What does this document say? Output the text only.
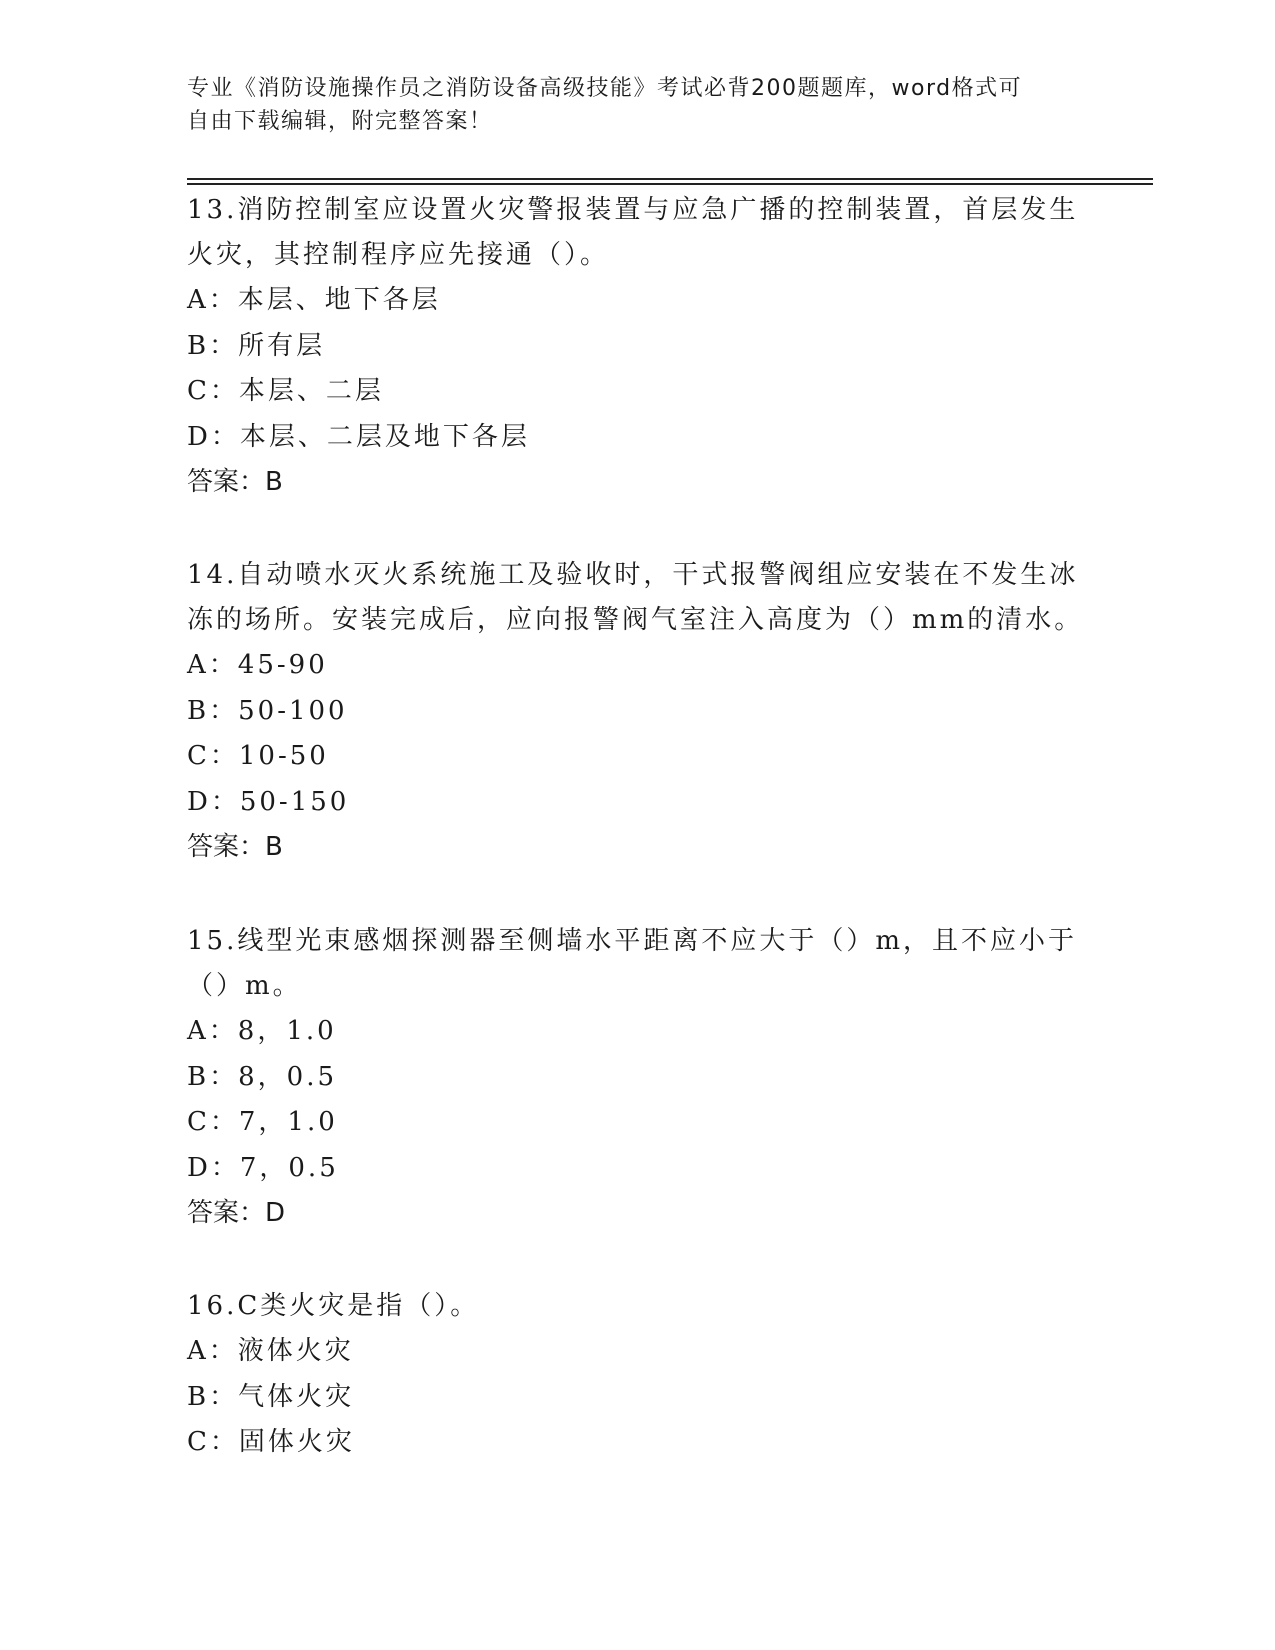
专业《消防设施操作员之消防设备高级技能》考试必背200题题库，word格式可
自由下载编辑，附完整答案！

13.消防控制室应设置火灾警报装置与应急广播的控制装置，首层发生

火灾，其控制程序应先接通（）。

A：本层、地下各层

B：所有层

C：本层、二层

D：本层、二层及地下各层

答案：B

14.自动喷水灭火系统施工及验收时，干式报警阀组应安装在不发生冰

冻的场所。安装完成后，应向报警阀气室注入高度为（）mm的清水。

A：45-90

B：50-100

C：10-50

D：50-150

答案：B

15.线型光束感烟探测器至侧墙水平距离不应大于（）m，且不应小于

（）m。

A：8，1.0

B：8，0.5

C：7，1.0

D：7，0.5

答案：D

16.C类火灾是指（）。

A：液体火灾

B：气体火灾

C：固体火灾
